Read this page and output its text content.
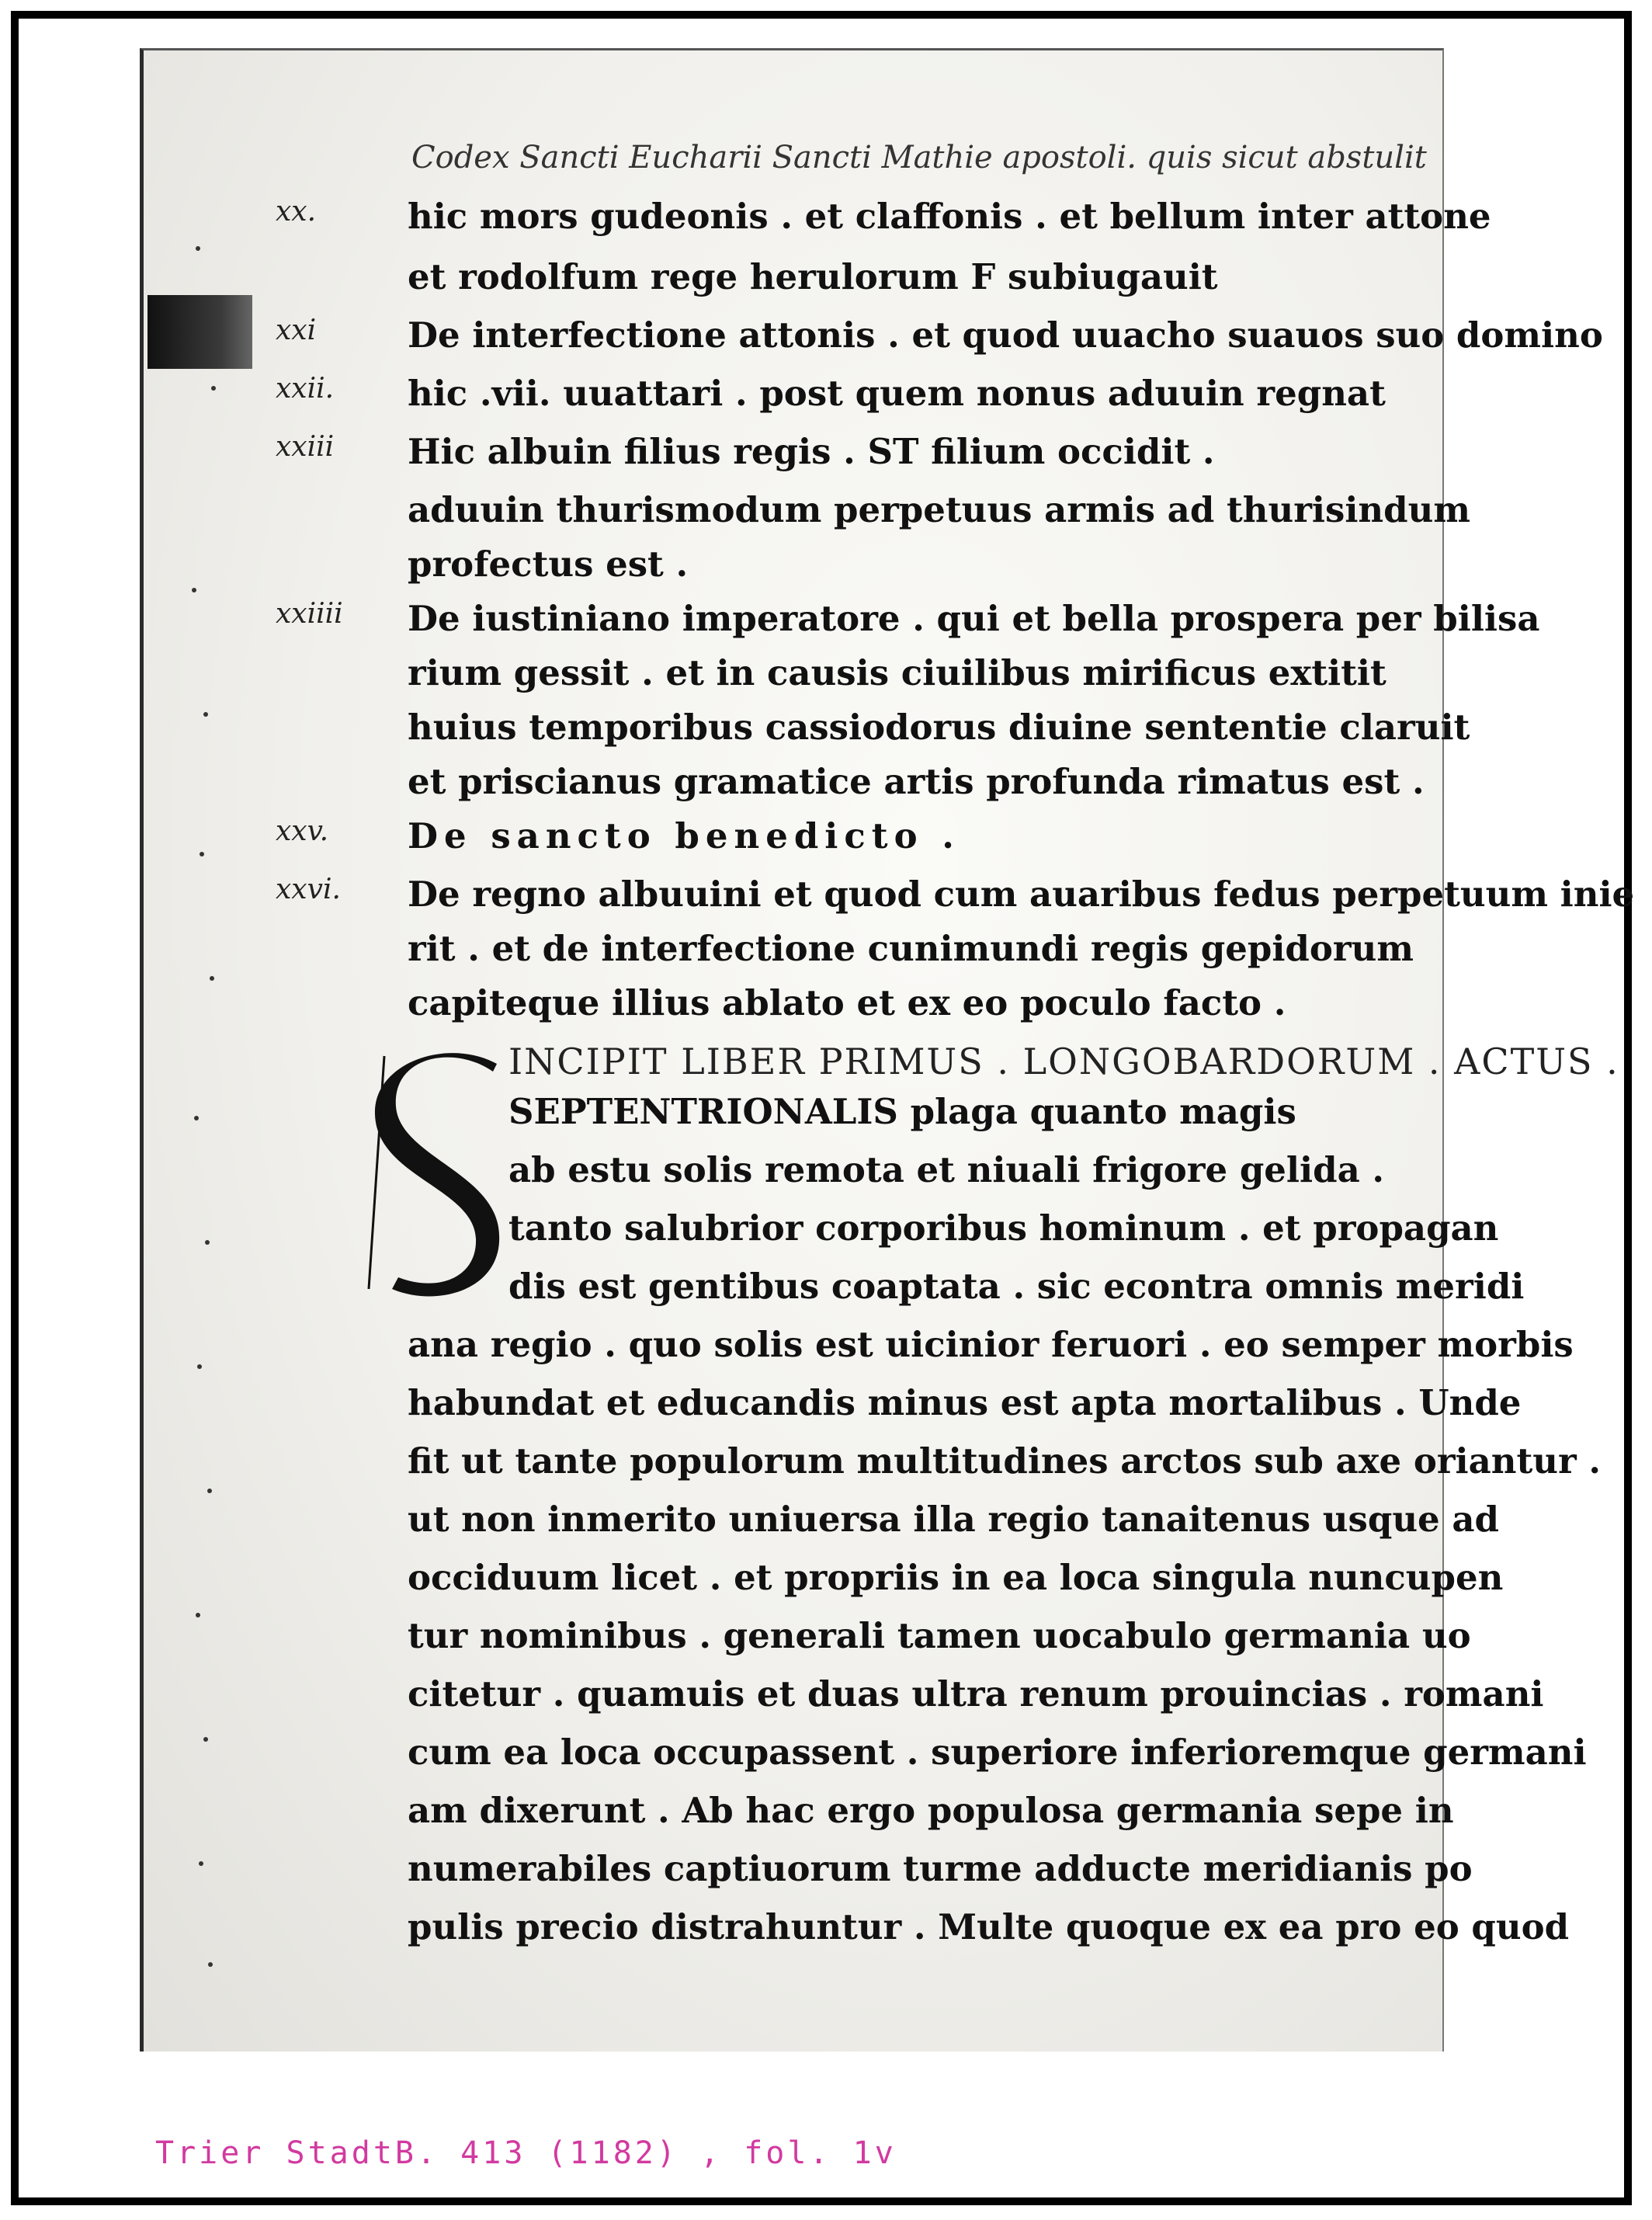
Codex Sancti Eucharii Sancti Mathie apostoli. quis sicut abstulit
xx.	hic mors gudeonis . et claffonis . et bellum inter attone
et rodolfum rege herulorum F subiugauit
xxi	De interfectione attonis . et quod uuacho suauos suo domino
xxii.	hic .vii. uuattari . post quem nonus aduuin regnat
xxiii	Hic albuin filius regis . ST filium occidit .
aduuin thurismodum perpetuus armis ad thurisindum
profectus est .
xxiiii	De iustiniano imperatore . qui et bella prospera per bilisa
rium gessit . et in causis ciuilibus mirificus extitit
huius temporibus cassiodorus diuine sententie claruit
et priscianus gramatice artis profunda rimatus est .
xxv.	De sancto benedicto .
xxvi.	De regno albuuini et quod cum auaribus fedus perpetuum inie
rit . et de interfectione cunimundi regis gepidorum
capiteque illius ablato et ex eo poculo facto .
INCIPIT LIBER PRIMUS . LONGOBARDORUM . ACTUS .
SEPTENTRIONALIS plaga quanto magis
ab estu solis remota et niuali frigore gelida .
tanto salubrior corporibus hominum . et propagan
dis est gentibus coaptata . sic econtra omnis meridi
ana regio . quo solis est uicinior feruori . eo semper morbis
habundat et educandis minus est apta mortalibus . Unde
fit ut tante populorum multitudines arctos sub axe oriantur .
ut non inmerito uniuersa illa regio tanaitenus usque ad
occiduum licet . et propriis in ea loca singula nuncupen
tur nominibus . generali tamen uocabulo germania uo
citetur . quamuis et duas ultra renum prouincias . romani
cum ea loca occupassent . superiore inferioremque germani
am dixerunt . Ab hac ergo populosa germania sepe in
numerabiles captiuorum turme adducte meridianis po
pulis precio distrahuntur . Multe quoque ex ea pro eo quod
Trier StadtB. 413 (1182) , fol. 1v
